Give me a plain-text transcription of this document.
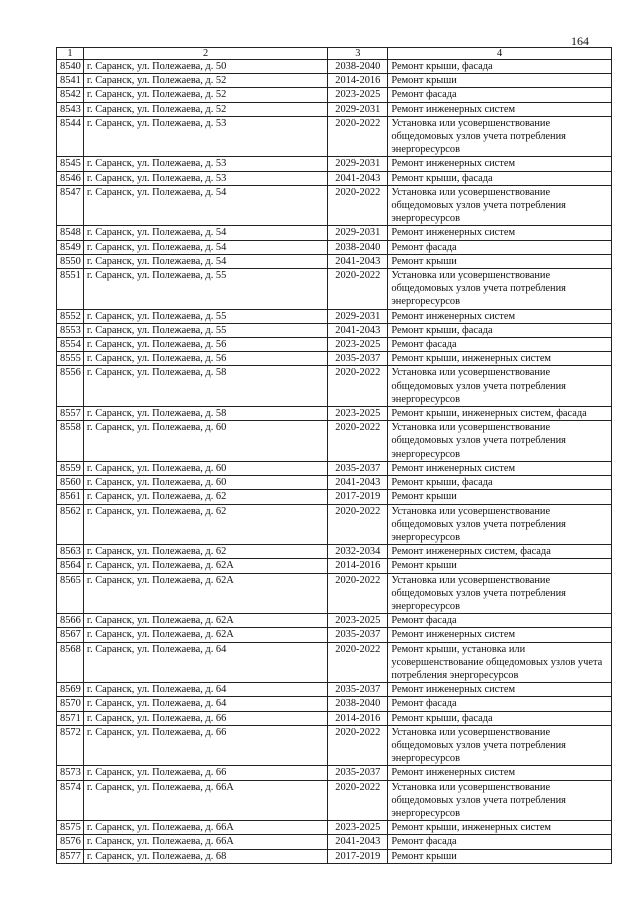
164
1	2	3	4
8540	г. Саранск, ул. Полежаева, д. 50	2038-2040	Ремонт крыши, фасада
8541	г. Саранск, ул. Полежаева, д. 52	2014-2016	Ремонт крыши
8542	г. Саранск, ул. Полежаева, д. 52	2023-2025	Ремонт фасада
8543	г. Саранск, ул. Полежаева, д. 52	2029-2031	Ремонт инженерных систем
8544	г. Саранск, ул. Полежаева, д. 53	2020-2022	Установка или усовершенствование общедомовых узлов учета потребления энергоресурсов
8545	г. Саранск, ул. Полежаева, д. 53	2029-2031	Ремонт инженерных систем
8546	г. Саранск, ул. Полежаева, д. 53	2041-2043	Ремонт крыши, фасада
8547	г. Саранск, ул. Полежаева, д. 54	2020-2022	Установка или усовершенствование общедомовых узлов учета потребления энергоресурсов
8548	г. Саранск, ул. Полежаева, д. 54	2029-2031	Ремонт инженерных систем
8549	г. Саранск, ул. Полежаева, д. 54	2038-2040	Ремонт фасада
8550	г. Саранск, ул. Полежаева, д. 54	2041-2043	Ремонт крыши
8551	г. Саранск, ул. Полежаева, д. 55	2020-2022	Установка или усовершенствование общедомовых узлов учета потребления энергоресурсов
8552	г. Саранск, ул. Полежаева, д. 55	2029-2031	Ремонт инженерных систем
8553	г. Саранск, ул. Полежаева, д. 55	2041-2043	Ремонт крыши, фасада
8554	г. Саранск, ул. Полежаева, д. 56	2023-2025	Ремонт фасада
8555	г. Саранск, ул. Полежаева, д. 56	2035-2037	Ремонт крыши, инженерных систем
8556	г. Саранск, ул. Полежаева, д. 58	2020-2022	Установка или усовершенствование общедомовых узлов учета потребления энергоресурсов
8557	г. Саранск, ул. Полежаева, д. 58	2023-2025	Ремонт крыши, инженерных систем, фасада
8558	г. Саранск, ул. Полежаева, д. 60	2020-2022	Установка или усовершенствование общедомовых узлов учета потребления энергоресурсов
8559	г. Саранск, ул. Полежаева, д. 60	2035-2037	Ремонт инженерных систем
8560	г. Саранск, ул. Полежаева, д. 60	2041-2043	Ремонт крыши, фасада
8561	г. Саранск, ул. Полежаева, д. 62	2017-2019	Ремонт крыши
8562	г. Саранск, ул. Полежаева, д. 62	2020-2022	Установка или усовершенствование общедомовых узлов учета потребления энергоресурсов
8563	г. Саранск, ул. Полежаева, д. 62	2032-2034	Ремонт инженерных систем, фасада
8564	г. Саранск, ул. Полежаева, д. 62А	2014-2016	Ремонт крыши
8565	г. Саранск, ул. Полежаева, д. 62А	2020-2022	Установка или усовершенствование общедомовых узлов учета потребления энергоресурсов
8566	г. Саранск, ул. Полежаева, д. 62А	2023-2025	Ремонт фасада
8567	г. Саранск, ул. Полежаева, д. 62А	2035-2037	Ремонт инженерных систем
8568	г. Саранск, ул. Полежаева, д. 64	2020-2022	Ремонт крыши, установка или усовершенствование общедомовых узлов учета потребления энергоресурсов
8569	г. Саранск, ул. Полежаева, д. 64	2035-2037	Ремонт инженерных систем
8570	г. Саранск, ул. Полежаева, д. 64	2038-2040	Ремонт фасада
8571	г. Саранск, ул. Полежаева, д. 66	2014-2016	Ремонт крыши, фасада
8572	г. Саранск, ул. Полежаева, д. 66	2020-2022	Установка или усовершенствование общедомовых узлов учета потребления энергоресурсов
8573	г. Саранск, ул. Полежаева, д. 66	2035-2037	Ремонт инженерных систем
8574	г. Саранск, ул. Полежаева, д. 66А	2020-2022	Установка или усовершенствование общедомовых узлов учета потребления энергоресурсов
8575	г. Саранск, ул. Полежаева, д. 66А	2023-2025	Ремонт крыши, инженерных систем
8576	г. Саранск, ул. Полежаева, д. 66А	2041-2043	Ремонт фасада
8577	г. Саранск, ул. Полежаева, д. 68	2017-2019	Ремонт крыши
